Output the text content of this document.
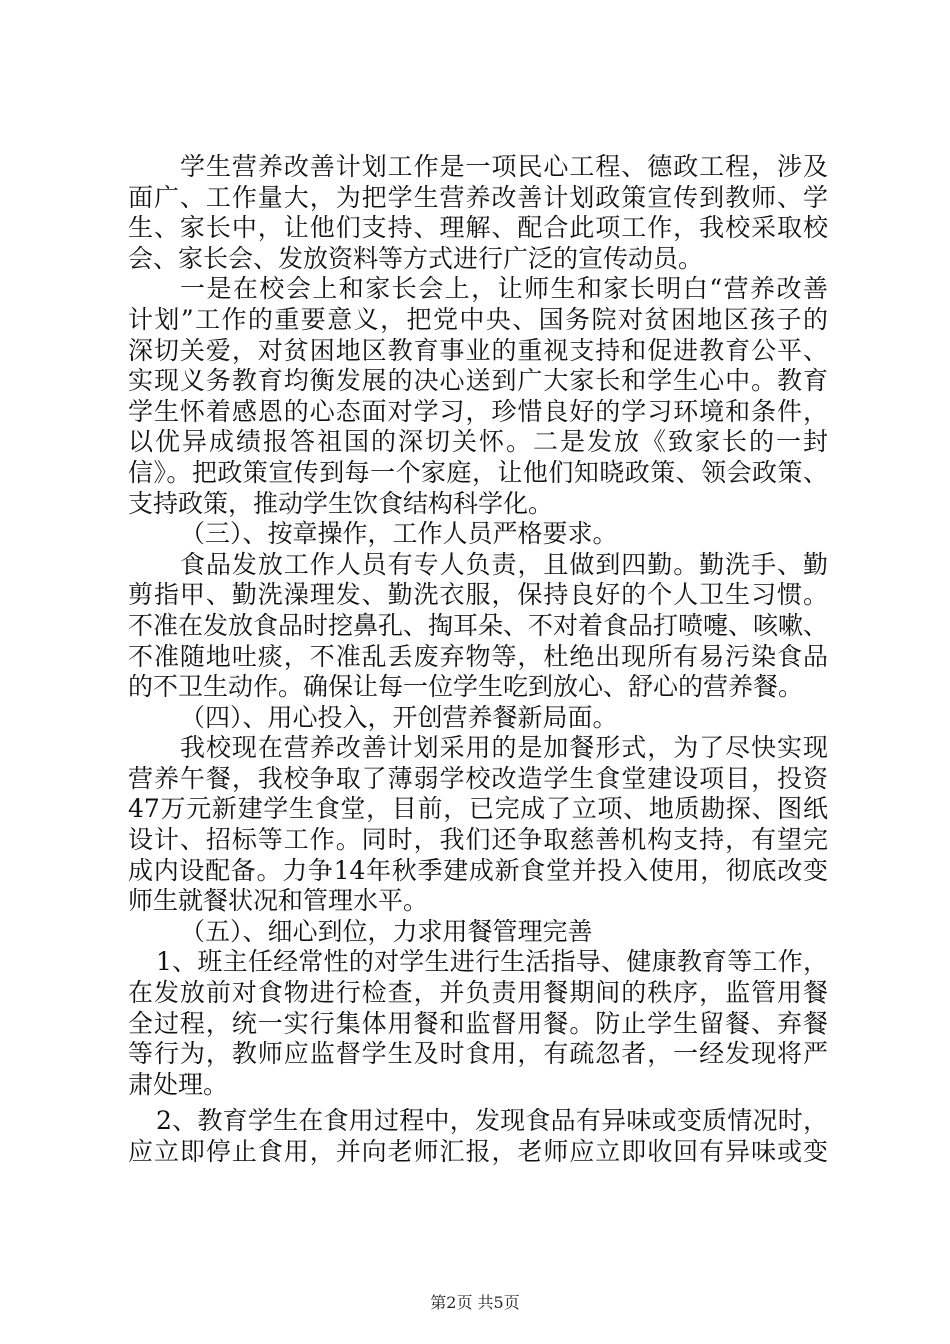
学生营养改善计划工作是一项民心工程、德政工程，涉及
面广、工作量大，为把学生营养改善计划政策宣传到教师、学
生、家长中，让他们支持、理解、配合此项工作，我校采取校
会、家长会、发放资料等方式进行广泛的宣传动员。
一是在校会上和家长会上，让师生和家长明白“营养改善
计划”工作的重要意义，把党中央、国务院对贫困地区孩子的
深切关爱，对贫困地区教育事业的重视支持和促进教育公平、
实现义务教育均衡发展的决心送到广大家长和学生心中。教育
学生怀着感恩的心态面对学习，珍惜良好的学习环境和条件，
以优异成绩报答祖国的深切关怀。二是发放《致家长的一封
信》。把政策宣传到每一个家庭，让他们知晓政策、领会政策、
支持政策，推动学生饮食结构科学化。
（三）、按章操作，工作人员严格要求。
食品发放工作人员有专人负责，且做到四勤。勤洗手、勤
剪指甲、勤洗澡理发、勤洗衣服，保持良好的个人卫生习惯。
不准在发放食品时挖鼻孔、掏耳朵、不对着食品打喷嚏、咳嗽、
不准随地吐痰，不准乱丢废弃物等，杜绝出现所有易污染食品
的不卫生动作。确保让每一位学生吃到放心、舒心的营养餐。
（四）、用心投入，开创营养餐新局面。
我校现在营养改善计划采用的是加餐形式，为了尽快实现
营养午餐，我校争取了薄弱学校改造学生食堂建设项目，投资
47万元新建学生食堂，目前，已完成了立项、地质勘探、图纸
设计、招标等工作。同时，我们还争取慈善机构支持，有望完
成内设配备。力争14年秋季建成新食堂并投入使用，彻底改变
师生就餐状况和管理水平。
（五）、细心到位，力求用餐管理完善
1、班主任经常性的对学生进行生活指导、健康教育等工作，
在发放前对食物进行检查，并负责用餐期间的秩序，监管用餐
全过程，统一实行集体用餐和监督用餐。防止学生留餐、弃餐
等行为，教师应监督学生及时食用，有疏忽者，一经发现将严
肃处理。
2、教育学生在食用过程中，发现食品有异味或变质情况时，
应立即停止食用，并向老师汇报，老师应立即收回有异味或变
第2页 共5页
